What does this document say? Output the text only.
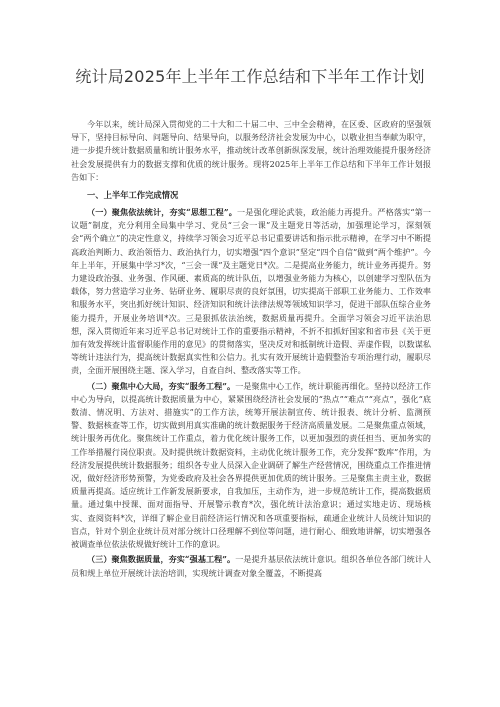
统计局2025年上半年工作总结和下半年工作计划

今年以来，统计局深入贯彻党的二十大和二十届二中、三中全会精神，在区委、区政府的坚强领导下，坚持目标导向、问题导向、结果导向，以服务经济社会发展为中心，以敬业担当奉献为职守，进一步提升统计数据质量和统计服务水平，推动统计改革创新纵深发展，统计治理效能提升服务经济社会发展提供有力的数据支撑和优质的统计服务。现将2025年上半年工作总结和下半年工作计划报告如下：

一、上半年工作完成情况

（一）聚焦依法统计，夯实“思想工程”。一是强化理论武装，政治能力再提升。严格落实“第一议题”制度，充分利用全局集中学习、党员“三会一课”及主题党日等活动，加强理论学习，深刻领会“两个确立”的决定性意义，持续学习领会习近平总书记重要讲话和指示批示精神，在学习中不断提高政治判断力、政治领悟力、政治执行力，切实增强“四个意识”坚定“四个自信”做到“两个维护”。今年上半年，开展集中学习*次，“三会一课”及主题党日*次。二是提高业务能力，统计业务再提升。努力建设政治强、业务强、作风硬、素质高的统计队伍，以增强业务能力为核心，以创建学习型队伍为载体，努力营造学习业务、钻研业务、履职尽责的良好氛围，切实提高干部职工业务能力、工作效率和服务水平，突出抓好统计知识、经济知识和统计法律法规等领域知识学习，促进干部队伍综合业务能力提升，开展业务培训*次。三是狠抓依法治统，数据质量再提升。全面学习领会习近平法治思想，深入贯彻近年来习近平总书记对统计工作的重要指示精神，不折不扣抓好国家和省市县《关于更加有效发挥统计监督职能作用的意见》的贯彻落实，坚决反对和抵制统计造假、弄虚作假，以数谋私等统计违法行为，提高统计数据真实性和公信力。扎实有效开展统计造假整治专项治理行动，履职尽责，全面开展围绕主题、深入学习，自查自纠、整改落实等工作。

（二）聚焦中心大局，夯实“服务工程”。一是聚焦中心工作，统计职能再细化。坚持以经济工作中心为导向，以提高统计数据质量为中心，紧紧围绕经济社会发展的“热点”“难点”“亮点”，强化“底数清、情况明、方法对、措施实”的工作方法，统筹开展法制宣传、统计报表、统计分析、监测预警、数据核查等工作，切实做到用真实准确的统计数据服务于经济高质量发展。二是聚焦重点领域，统计服务再优化。聚焦统计工作重点，着力优化统计服务工作，以更加强烈的责任担当、更加务实的工作举措履行岗位职责。及时提供统计数据资料，主动优化统计服务工作，充分发挥“数库”作用，为经济发展提供统计数据服务；组织各专业人员深入企业调研了解生产经营情况，围绕重点工作推进情况，做好经济形势预警，为党委政府及社会各界提供更加优质的统计服务。三是聚焦主责主业，数据质量再提高。适应统计工作新发展新要求，自我加压，主动作为，进一步规范统计工作，提高数据质量。通过集中授课、面对面指导、开展警示教育*次，强化统计法治意识；通过实地走访、现场核实、查阅资料*次，详细了解企业目前经济运行情况和各项重要指标，疏通企业统计人员统计知识的盲点，针对个别企业统计员对部分统计口径理解不到位等问题，进行耐心、细致地讲解，切实增强各被调查单位依法依规做好统计工作的意识。

（三）聚焦数据质量，夯实“强基工程”。一是提升基层依法统计意识。组织各单位各部门统计人员和规上单位开展统计法治培训，实现统计调查对象全覆盖，不断提高
